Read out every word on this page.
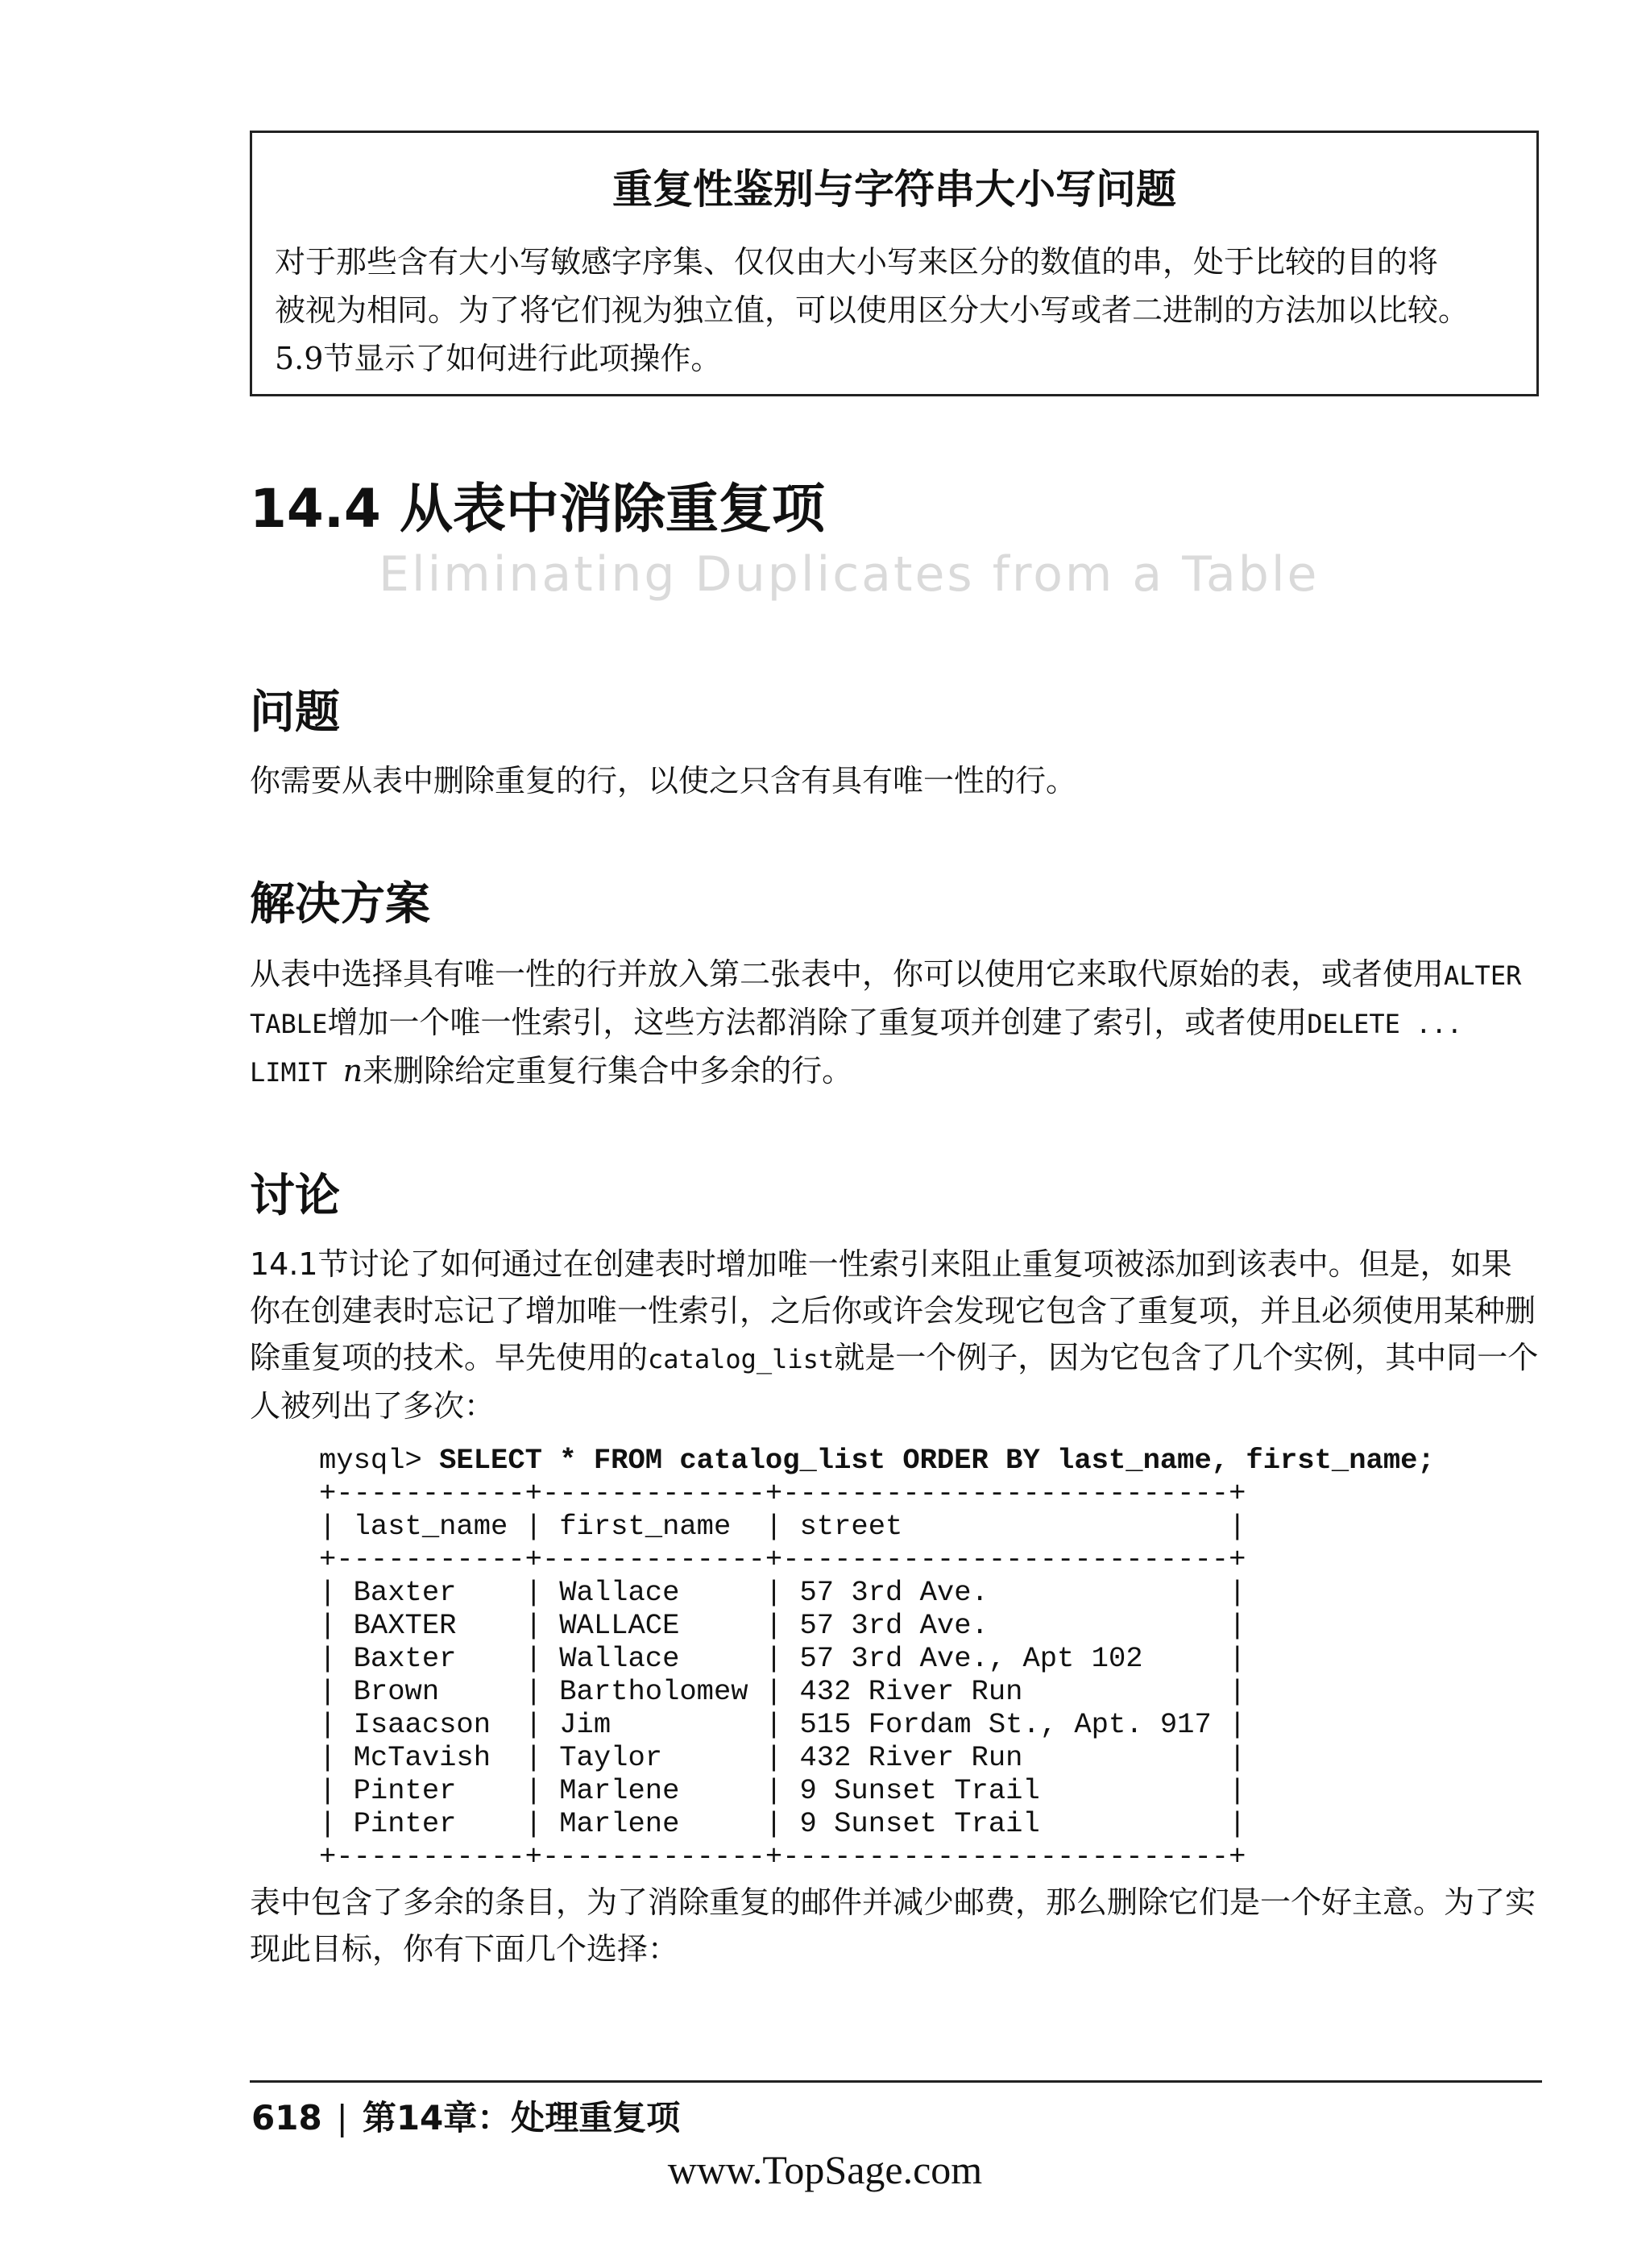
重复性鉴别与字符串大小写问题
对于那些含有大小写敏感字序集、仅仅由大小写来区分的数值的串，处于比较的目的将
被视为相同。为了将它们视为独立值，可以使用区分大小写或者二进制的方法加以比较。
5.9节显示了如何进行此项操作。
14.4 从表中消除重复项
Eliminating Duplicates from a Table
问题
你需要从表中删除重复的行，以使之只含有具有唯一性的行。
解决方案
从表中选择具有唯一性的行并放入第二张表中，你可以使用它来取代原始的表，或者使用ALTER TABLE增加一个唯一性索引，这些方法都消除了重复项并创建了索引，或者使用DELETE ... LIMIT n来删除给定重复行集合中多余的行。
讨论
14.1节讨论了如何通过在创建表时增加唯一性索引来阻止重复项被添加到该表中。但是，如果你在创建表时忘记了增加唯一性索引，之后你或许会发现它包含了重复项，并且必须使用某种删除重复项的技术。早先使用的catalog_list就是一个例子，因为它包含了几个实例，其中同一个人被列出了多次：
mysql> SELECT * FROM catalog_list ORDER BY last_name, first_name;
+-----------+-------------+--------------------------+
| last_name | first_name  | street                   |
+-----------+-------------+--------------------------+
| Baxter    | Wallace     | 57 3rd Ave.              |
| BAXTER    | WALLACE     | 57 3rd Ave.              |
| Baxter    | Wallace     | 57 3rd Ave., Apt 102     |
| Brown     | Bartholomew | 432 River Run            |
| Isaacson  | Jim         | 515 Fordam St., Apt. 917 |
| McTavish  | Taylor      | 432 River Run            |
| Pinter    | Marlene     | 9 Sunset Trail           |
| Pinter    | Marlene     | 9 Sunset Trail           |
+-----------+-------------+--------------------------+
表中包含了多余的条目，为了消除重复的邮件并减少邮费，那么删除它们是一个好主意。为了实现此目标，你有下面几个选择：
618 | 第14章：处理重复项
www.TopSage.com
